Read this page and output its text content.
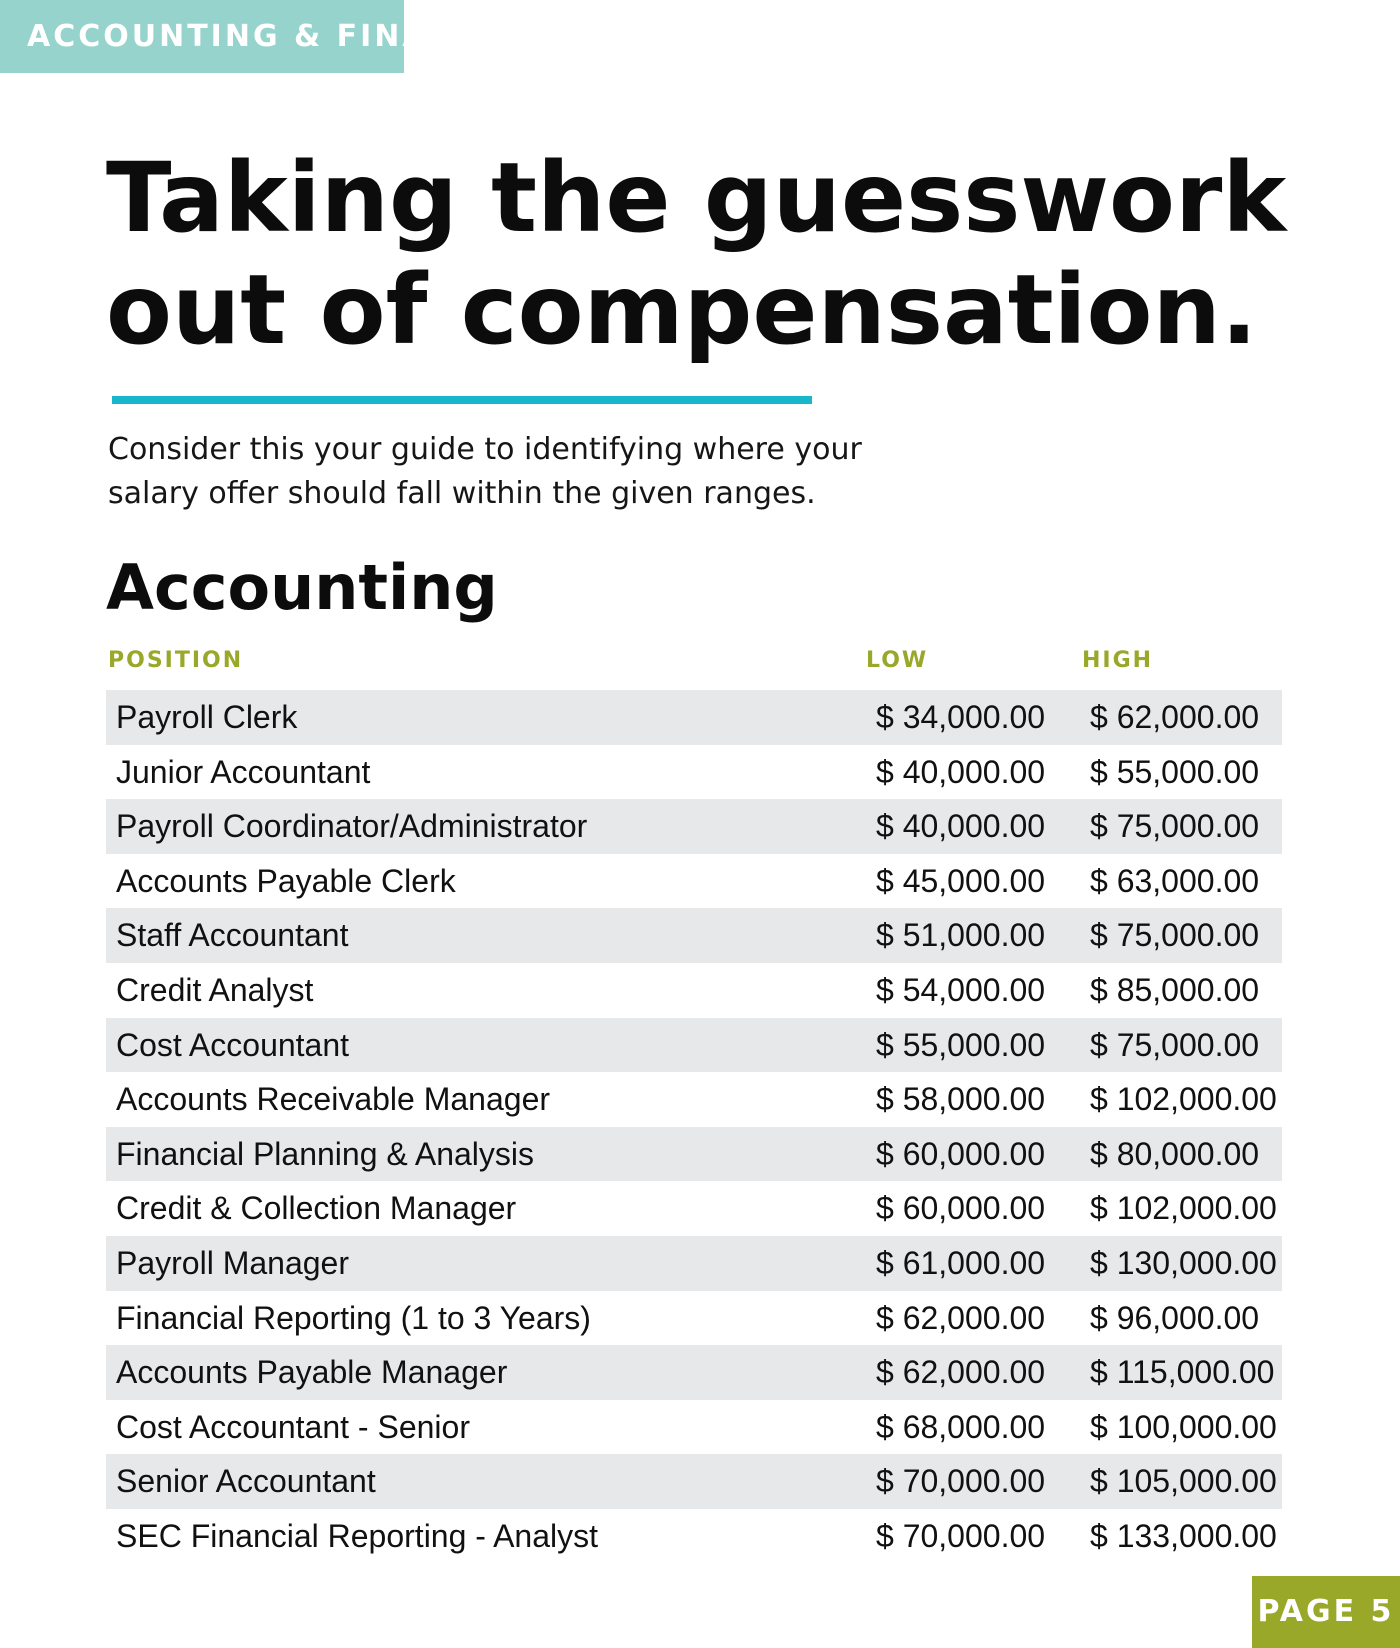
ACCOUNTING & FINANCE
Taking the guesswork
out of compensation.

Consider this your guide to identifying where your salary offer should fall within the given ranges.

Accounting
POSITION	LOW	HIGH
Payroll Clerk	$ 34,000.00 $ 62,000.00
Junior Accountant	$ 40,000.00 $ 55,000.00
Payroll Coordinator/Administrator	$ 40,000.00 $ 75,000.00
Accounts Payable Clerk	$ 45,000.00 $ 63,000.00
Staff Accountant	$ 51,000.00 $ 75,000.00
Credit Analyst	$ 54,000.00 $ 85,000.00
Cost Accountant	$ 55,000.00 $ 75,000.00
Accounts Receivable Manager	$ 58,000.00 $ 102,000.00
Financial Planning & Analysis	$ 60,000.00 $ 80,000.00
Credit & Collection Manager	$ 60,000.00 $ 102,000.00
Payroll Manager	$ 61,000.00 $ 130,000.00
Financial Reporting (1 to 3 Years)	$ 62,000.00 $ 96,000.00
Accounts Payable Manager	$ 62,000.00 $ 115,000.00
Cost Accountant - Senior	$ 68,000.00 $ 100,000.00
Senior Accountant	$ 70,000.00 $ 105,000.00
SEC Financial Reporting - Analyst	$ 70,000.00 $ 133,000.00
PAGE 5
